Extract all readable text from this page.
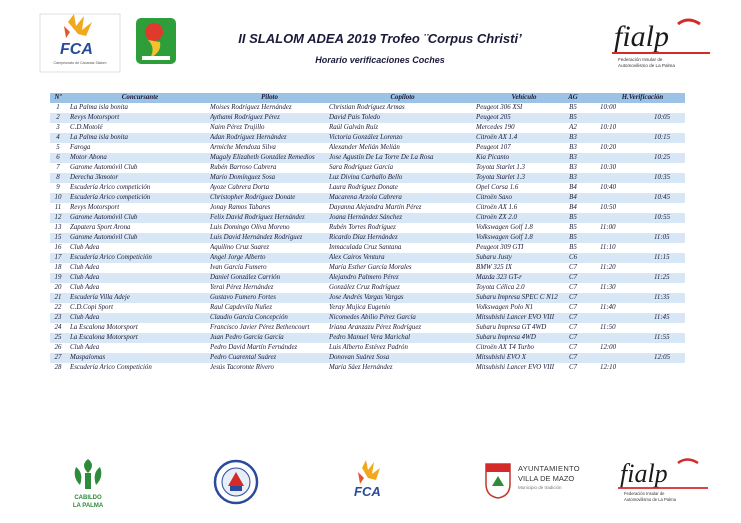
FCA
Campeonato de Canarias Slalom
fialp
Federación Insular de
Automovilismo de La Palma
II SLALOM ADEA 2019 Trofeo ¨Corpus Christi’
Horario verificaciones Coches
Nº	Concursante	Piloto	Copiloto	Vehículo	AG	H.Verificación
1	La Palma isla bonita	Moises Rodríguez Hernández	Christian Rodríguez Armas	Peugeot 306 XSI	B5	10:00
2	Revys Motorsport	Aythami Rodríguez Pérez	David Pais Toledo	Peugeot 205	B5	10:05
3	C.D.Motolé	Naim Pérez Trujillo	Raúl Galván Ruíz	Mercedes 190	A2	10:10
4	La Palma isla bonita	Adan Rodríguez Hernández	Victoria González Lorenzo	Citroën AX 1.4	B3	10:15
5	Faroga	Armiche Mendoza Silva	Alexander Melián Melián	Peugeot 107	B3	10:20
6	Motor Abona	Magaly Elizabeth González Remedios	Jose Agustín De La Torre De La Rosa	Kia Picanto	B3	10:25
7	Garome Automóvil Club	Rubén Barroso Cabrera	Sara Rodríguez García	Toyota Starlet 1.3	B3	10:30
8	Derecha 3kmotor	Mario Domínguez Sosa	Luz Divina Carballo Bello	Toyota Starlet 1.3	B3	10:35
9	Escudería Arico competición	Ayoze Cabrera Dorta	Laura Rodríguez Donate	Opel Corsa 1.6	B4	10:40
10	Escudería Arico competición	Christopher Rodríguez Donate	Macarena Arzola Cabrera	Citroën Saxo	B4	10:45
11	Revys Motorsport	Jonay Ramos Tabares	Dayanna Alejandra Martín Pérez	Citroën AX 1.6	B4	10:50
12	Garome Automóvil Club	Felix David Rodríguez Hernández	Joana Hernández Sánchez	Citroën ZX 2.0	B5	10:55
13	Zapatera Sport Arona	Luis Domingo Oliva Moreno	Rubén Torres Rodríguez	Volkswagen Golf 1.8	B5	11:00
15	Garome Automóvil Club	Luis David Hernández Rodríguez	Ricardo Díaz Hernández	Volkswagen Golf 1.8	B5	11:05
16	Club Adea	Aquilino Cruz Suarez	Inmaculada Cruz Santana	Peugeot 309 GTI	B5	11:10
17	Escudería Arico Competición	Angel Jorge Alberto	Alex Cairos Ventura	Subaru Justy	C6	11:15
18	Club Adea	Ivan García Fumero	María Esther García Morales	BMW 325 IX	C7	11:20
19	Club Adea	Daniel González Carrión	Alejandro Palmero Pérez	Mazda 323 GT-r	C7	11:25
20	Club Adea	Yerai Pérez Hernández	González Cruz Rodríguez	Toyota Célica 2.0	C7	11:30
21	Escudería Villa Adeje	Gustavo Fumero Fortes	Jose Andrés Vargas Vargas	Subaru Impresa SPEC C N12	C7	11:35
22	C.D.Copi Sport	Raul Capdevila Nuñez	Yeray Mujica Eugenio	Volkswagen Polo N1	C7	11:40
23	Club Adea	Claudio García Concepción	Nicomedes Abilio Pérez García	Mitsubishi Lancer EVO VIII	C7	11:45
24	La Escalona Motorsport	Francisco Javier Pérez Bethencourt	Iriana Aranzazu Pérez Rodríguez	Subaru Impresa GT 4WD	C7	11:50
25	La Escalona Motorsport	Juan Pedro García García	Pedro Manuel Vera Marichal	Subaru Impresa 4WD	C7	11:55
26	Club Adea	Pedro David Martín Fernández	Luis Alberto Estévez Padrón	Citroën AX T4 Turbo	C7	12:00
27	Maspalomas	Pedro Cuarental Suárez	Donovan Suárez Sosa	Mitsubishi EVO X	C7	12:05
28	Escudería Arico Competición	Jesús Tacoronte Rivero	María Sáez Hernández	Mitsubishi Lancer EVO VIII	C7	12:10
CABILDO
LA PALMA
FCA
AYUNTAMIENTO
VILLA DE MAZO
Municipio de tradición fialp
Federación Insular de
Automovilismo de La Palma
